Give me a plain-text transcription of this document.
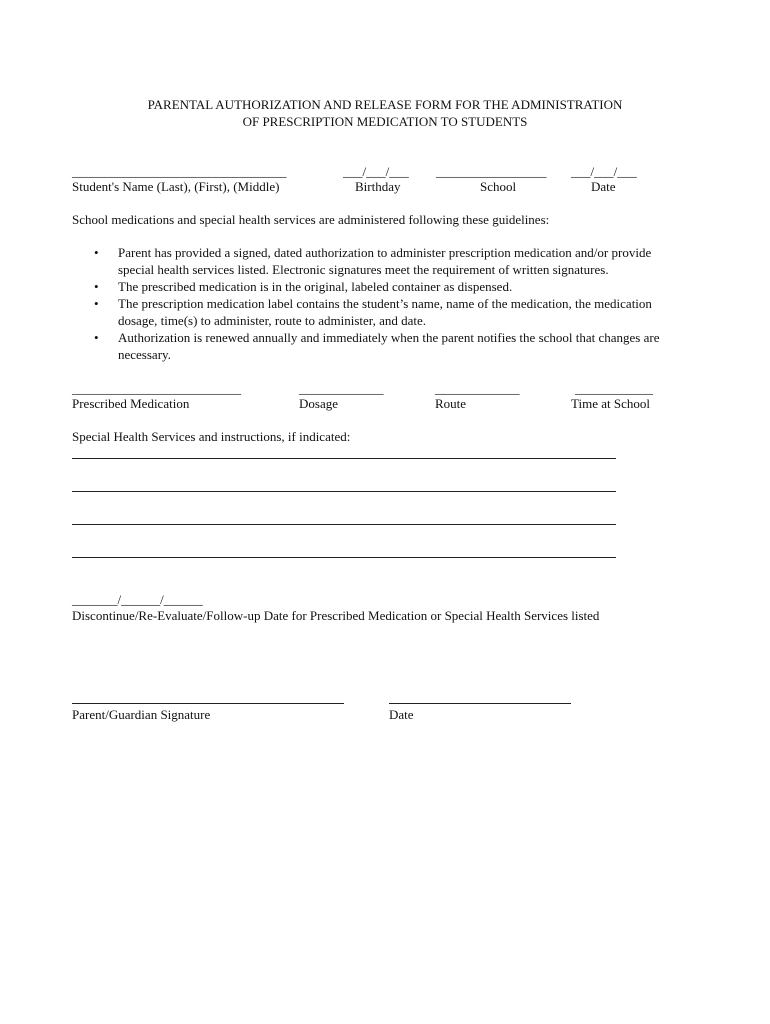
PARENTAL AUTHORIZATION AND RELEASE FORM FOR THE ADMINISTRATION
OF PRESCRIPTION MEDICATION TO STUDENTS
_________________________________
Student's Name (Last), (First), (Middle)
___/___/___
Birthday
_________________
School
___/___/___
Date
School medications and special health services are administered following these guidelines:
• Parent has provided a signed, dated authorization to administer prescription medication and/or provide
special health services listed. Electronic signatures meet the requirement of written signatures.
• The prescribed medication is in the original, labeled container as dispensed.
• The prescription medication label contains the student’s name, name of the medication, the medication
dosage, time(s) to administer, route to administer, and date.
• Authorization is renewed annually and immediately when the parent notifies the school that changes are
necessary.
__________________________
Prescribed Medication
_____________
Dosage
_____________
Route
____________
Time at School
Special Health Services and instructions, if indicated:
_______/______/______
Discontinue/Re-Evaluate/Follow-up Date for Prescribed Medication or Special Health Services listed
Parent/Guardian Signature	Date
